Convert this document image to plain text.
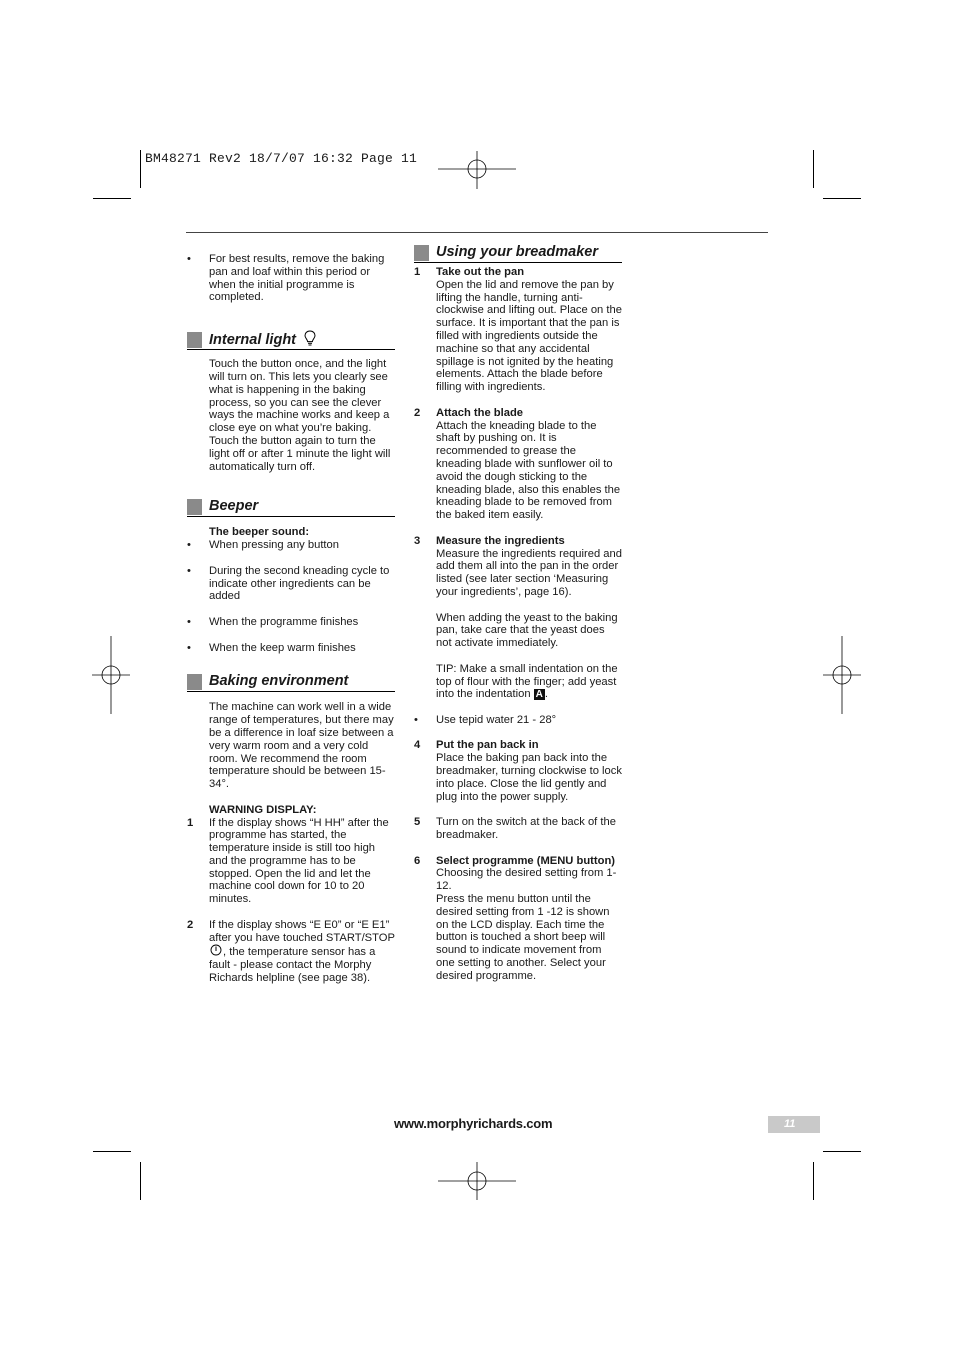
BM48271 Rev2 18/7/07 16:32 Page 11
• For best results, remove the baking pan and loaf within this period or when the initial programme is completed.
Internal light
Touch the button once, and the light will turn on. This lets you clearly see what is happening in the baking process, so you can see the clever ways the machine works and keep a close eye on what you’re baking. Touch the button again to turn the light off or after 1 minute the light will automatically turn off.
Beeper
The beeper sound:
• When pressing any button
• During the second kneading cycle to indicate other ingredients can be added
• When the programme finishes
• When the keep warm finishes
Baking environment
The machine can work well in a wide range of temperatures, but there may be a difference in loaf size between a very warm room and a very cold room. We recommend the room temperature should be between 15-34°.
WARNING DISPLAY:
1 If the display shows “H HH” after the programme has started, the temperature inside is still too high and the programme has to be stopped. Open the lid and let the machine cool down for 10 to 20 minutes.
2 If the display shows “E E0” or “E E1” after you have touched START/STOP, the temperature sensor has a fault - please contact the Morphy Richards helpline (see page 38).
Using your breadmaker
1 Take out the pan
Open the lid and remove the pan by lifting the handle, turning anti-clockwise and lifting out. Place on the surface. It is important that the pan is filled with ingredients outside the machine so that any accidental spillage is not ignited by the heating elements. Attach the blade before filling with ingredients.
2 Attach the blade
Attach the kneading blade to the shaft by pushing on. It is recommended to grease the kneading blade with sunflower oil to avoid the dough sticking to the kneading blade, also this enables the kneading blade to be removed from the baked item easily.
3 Measure the ingredients
Measure the ingredients required and add them all into the pan in the order listed (see later section ‘Measuring your ingredients’, page 16).
When adding the yeast to the baking pan, take care that the yeast does not activate immediately.
TIP: Make a small indentation on the top of flour with the finger; add yeast into the indentation A .
• Use tepid water 21 - 28°
4 Put the pan back in
Place the baking pan back into the breadmaker, turning clockwise to lock into place. Close the lid gently and plug into the power supply.
5 Turn on the switch at the back of the breadmaker.
6 Select programme (MENU button)
Choosing the desired setting from 1-12.
Press the menu button until the desired setting from 1 -12 is shown on the LCD display. Each time the button is touched a short beep will sound to indicate movement from one setting to another. Select your desired programme.
www.morphyrichards.com	11
